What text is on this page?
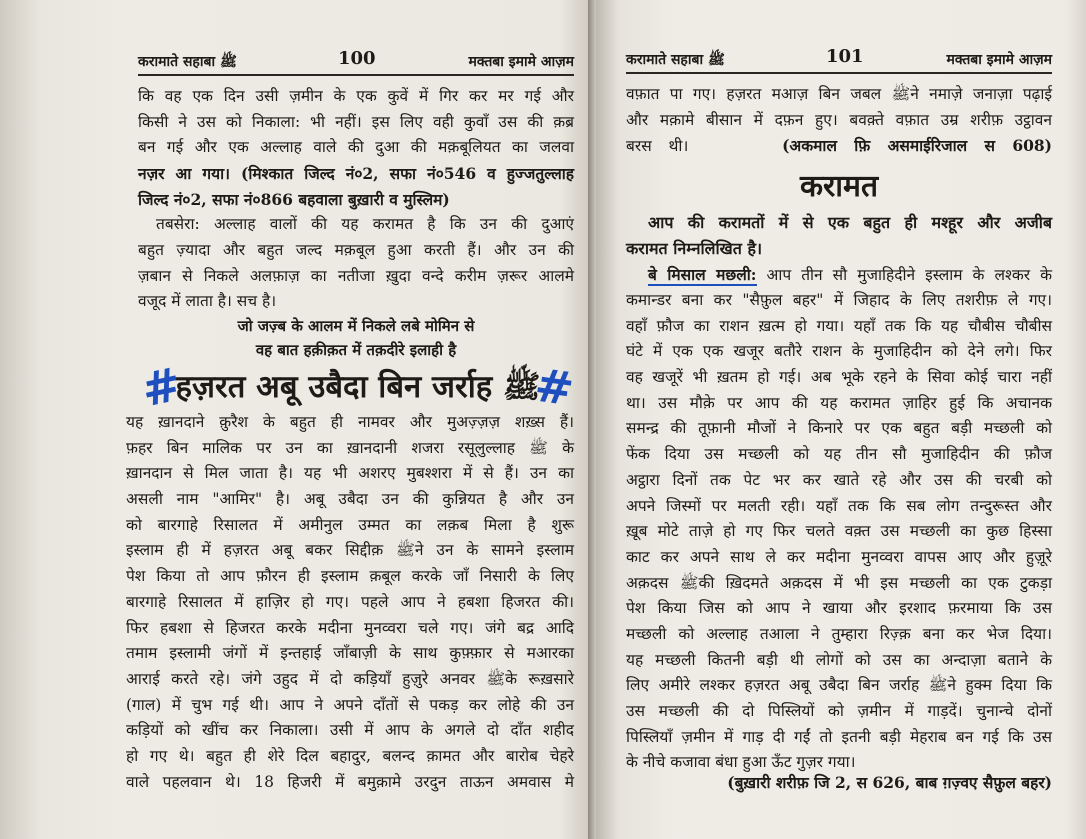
करामाते सहाबा ﷺ	100	मक्तबा इमामे आज़म
कि वह एक दिन उसी ज़मीन के एक कुवें में गिर कर मर गई और
किसी ने उस को निकाला: भी नहीं। इस लिए वही कुवाँ उस की क़ब्र
बन गई और एक अल्लाह वाले की दुआ की मक़बूलियत का जलवा
नज़र आ गया। (मिश्कात जिल्द नं०2, सफा नं०546 व हुज्जतुल्लाह
जिल्द नं०2, सफा नं०866 बहवाला बुख़ारी व मुस्लिम)
तबसेरा: अल्लाह वालों की यह करामत है कि उन की दुआएं
बहुत ज़्यादा और बहुत जल्द मक़बूल हुआ करती हैं। और उन की
ज़बान से निकले अलफ़ाज़ का नतीजा ख़ुदा वन्दे करीम ज़रूर आलमे
वजूद में लाता है। सच है।
जो जज़्ब के आलम में निकले लबे मोमिन से
वह बात हक़ीक़त में तक़दीरे इलाही है
#
हज़रत अबू उबैदा बिन जर्राह ﷺ
#
यह ख़ानदाने क़ुरैश के बहुत ही नामवर और मुअज़्ज़ज़ शख़्स हैं।
फ़हर बिन मालिक पर उन का ख़ानदानी शजरा रसूलुल्लाह ﷺ के
ख़ानदान से मिल जाता है। यह भी अशरए मुबश्शरा में से हैं। उन का
असली नाम "आमिर" है। अबू उबैदा उन की कुन्नियत है और उन
को बारगाहे रिसालत में अमीनुल उम्मत का लक़ब मिला है शुरू
इस्लाम ही में हज़रत अबू बकर सिद्दीक़ ﷺने उन के सामने इस्लाम
पेश किया तो आप फ़ौरन ही इस्लाम क़बूल करके जाँ निसारी के लिए
बारगाहे रिसालत में हाज़िर हो गए। पहले आप ने हबशा हिजरत की।
फिर हबशा से हिजरत करके मदीना मुनव्वरा चले गए। जंगे बद्र आदि
तमाम इस्लामी जंगों में इन्तहाई जाँबाज़ी के साथ कुफ़्फ़ार से मआरका
आराई करते रहे। जंगे उहुद में दो कड़ियाँ हुज़ुरे अनवर ﷺके रूख़सारे
(गाल) में चुभ गई थी। आप ने अपने दाँतों से पकड़ कर लोहे की उन
कड़ियों को खींच कर निकाला। उसी में आप के अगले दो दाँत शहीद
हो गए थे। बहुत ही शेरे दिल बहादुर, बलन्द क़ामत और बारोब चेहरे
वाले पहलवान थे। 18 हिजरी में बमुक़ामे उरदुन ताऊन अमवास मे
करामाते सहाबा ﷺ	101	मक्तबा इमामे आज़म
वफ़ात पा गए। हज़रत मआज़ बिन जबल ﷺने नमाज़े जनाज़ा पढ़ाई
और मक़ामे बीसान में दफ़न हुए। बवक़्ते वफ़ात उम्र शरीफ़ उट्ठावन
बरस थी।	(अकमाल फ़ि असमाईरिजाल स 608)
करामत
आप की करामतों में से एक बहुत ही मश्हूर और अजीब
करामत निम्नलिखित है।
बे मिसाल मछली: आप तीन सौ मुजाहिदीने इस्लाम के लश्कर के
कमान्डर बना कर "सैफ़ुल बहर" में जिहाद के लिए तशरीफ़ ले गए।
वहाँ फ़ौज का राशन ख़त्म हो गया। यहाँ तक कि यह चौबीस चौबीस
घंटे में एक एक खजूर बतौरे राशन के मुजाहिदीन को देने लगे। फिर
वह खजूरें भी ख़तम हो गई। अब भूके रहने के सिवा कोई चारा नहीं
था। उस मौक़े पर आप की यह करामत ज़ाहिर हुई कि अचानक
समन्द्र की तूफ़ानी मौजों ने किनारे पर एक बहुत बड़ी मच्छली को
फेंक दिया उस मच्छली को यह तीन सौ मुजाहिदीन की फ़ौज
अट्ठारा दिनों तक पेट भर कर खाते रहे और उस की चरबी को
अपने जिस्मों पर मलती रही। यहाँ तक कि सब लोग तन्दुरूस्त और
ख़ूब मोटे ताज़े हो गए फिर चलते वक़्त उस मच्छली का कुछ हिस्सा
काट कर अपने साथ ले कर मदीना मुनव्वरा वापस आए और हुज़ूरे
अक़दस ﷺकी ख़िदमते अक़दस में भी इस मच्छली का एक टुकड़ा
पेश किया जिस को आप ने खाया और इरशाद फ़रमाया कि उस
मच्छली को अल्लाह तआला ने तुम्हारा रिज़्क़ बना कर भेज दिया।
यह मच्छली कितनी बड़ी थी लोगों को उस का अन्दाज़ा बताने के
लिए अमीरे लश्कर हज़रत अबू उबैदा बिन जर्राह ﷺने हुक्म दिया कि
उस मच्छली की दो पिस्लियों को ज़मीन में गाड़दें। चुनान्चे दोनों
पिस्लियाँ ज़मीन में गाड़ दी गईं तो इतनी बड़ी मेहराब बन गई कि उस
के नीचे कजावा बंधा हुआ ऊँट गुज़र गया।
(बुख़ारी शरीफ़ जि 2, स 626, बाब ग़ज़्वए सैफ़ुल बहर)
